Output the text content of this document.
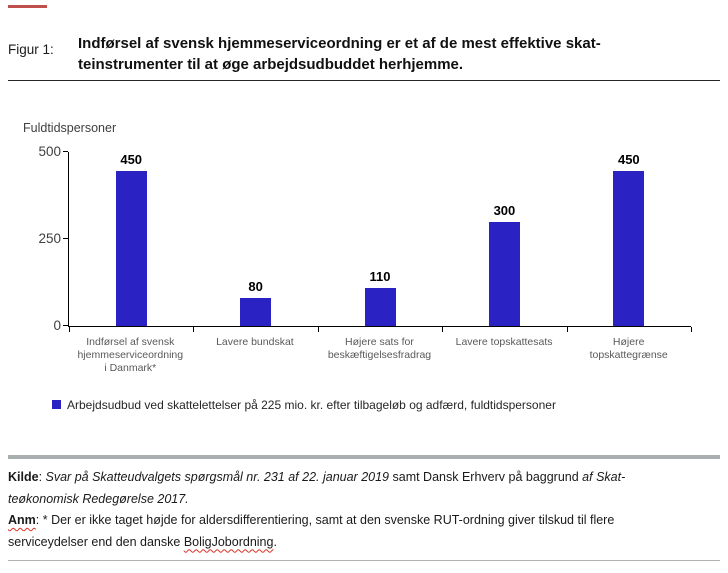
Figur 1: Indførsel af svensk hjemmeserviceordning er et af de mest effektive skat-
teinstrumenter til at øge arbejdsudbuddet herhjemme.
Fuldtidspersoner
0
250
500
450
80
110
300
450
Indførsel af svensk hjemmeserviceordning i Danmark*
Lavere bundskat	Højere sats for beskæftigelsesfradrag
Lavere topskattesats	Højere topskattegrænse
Arbejdsudbud ved skattelettelser på 225 mio. kr. efter tilbageløb og adfærd, fuldtidspersoner
Kilde: Svar på Skatteudvalgets spørgsmål nr. 231 af 22. januar 2019 samt Dansk Erhverv på baggrund af Skat-
teøkonomisk Redegørelse 2017.
Anm: * Der er ikke taget højde for aldersdifferentiering, samt at den svenske RUT-ordning giver tilskud til flere
serviceydelser end den danske BoligJobordning.
